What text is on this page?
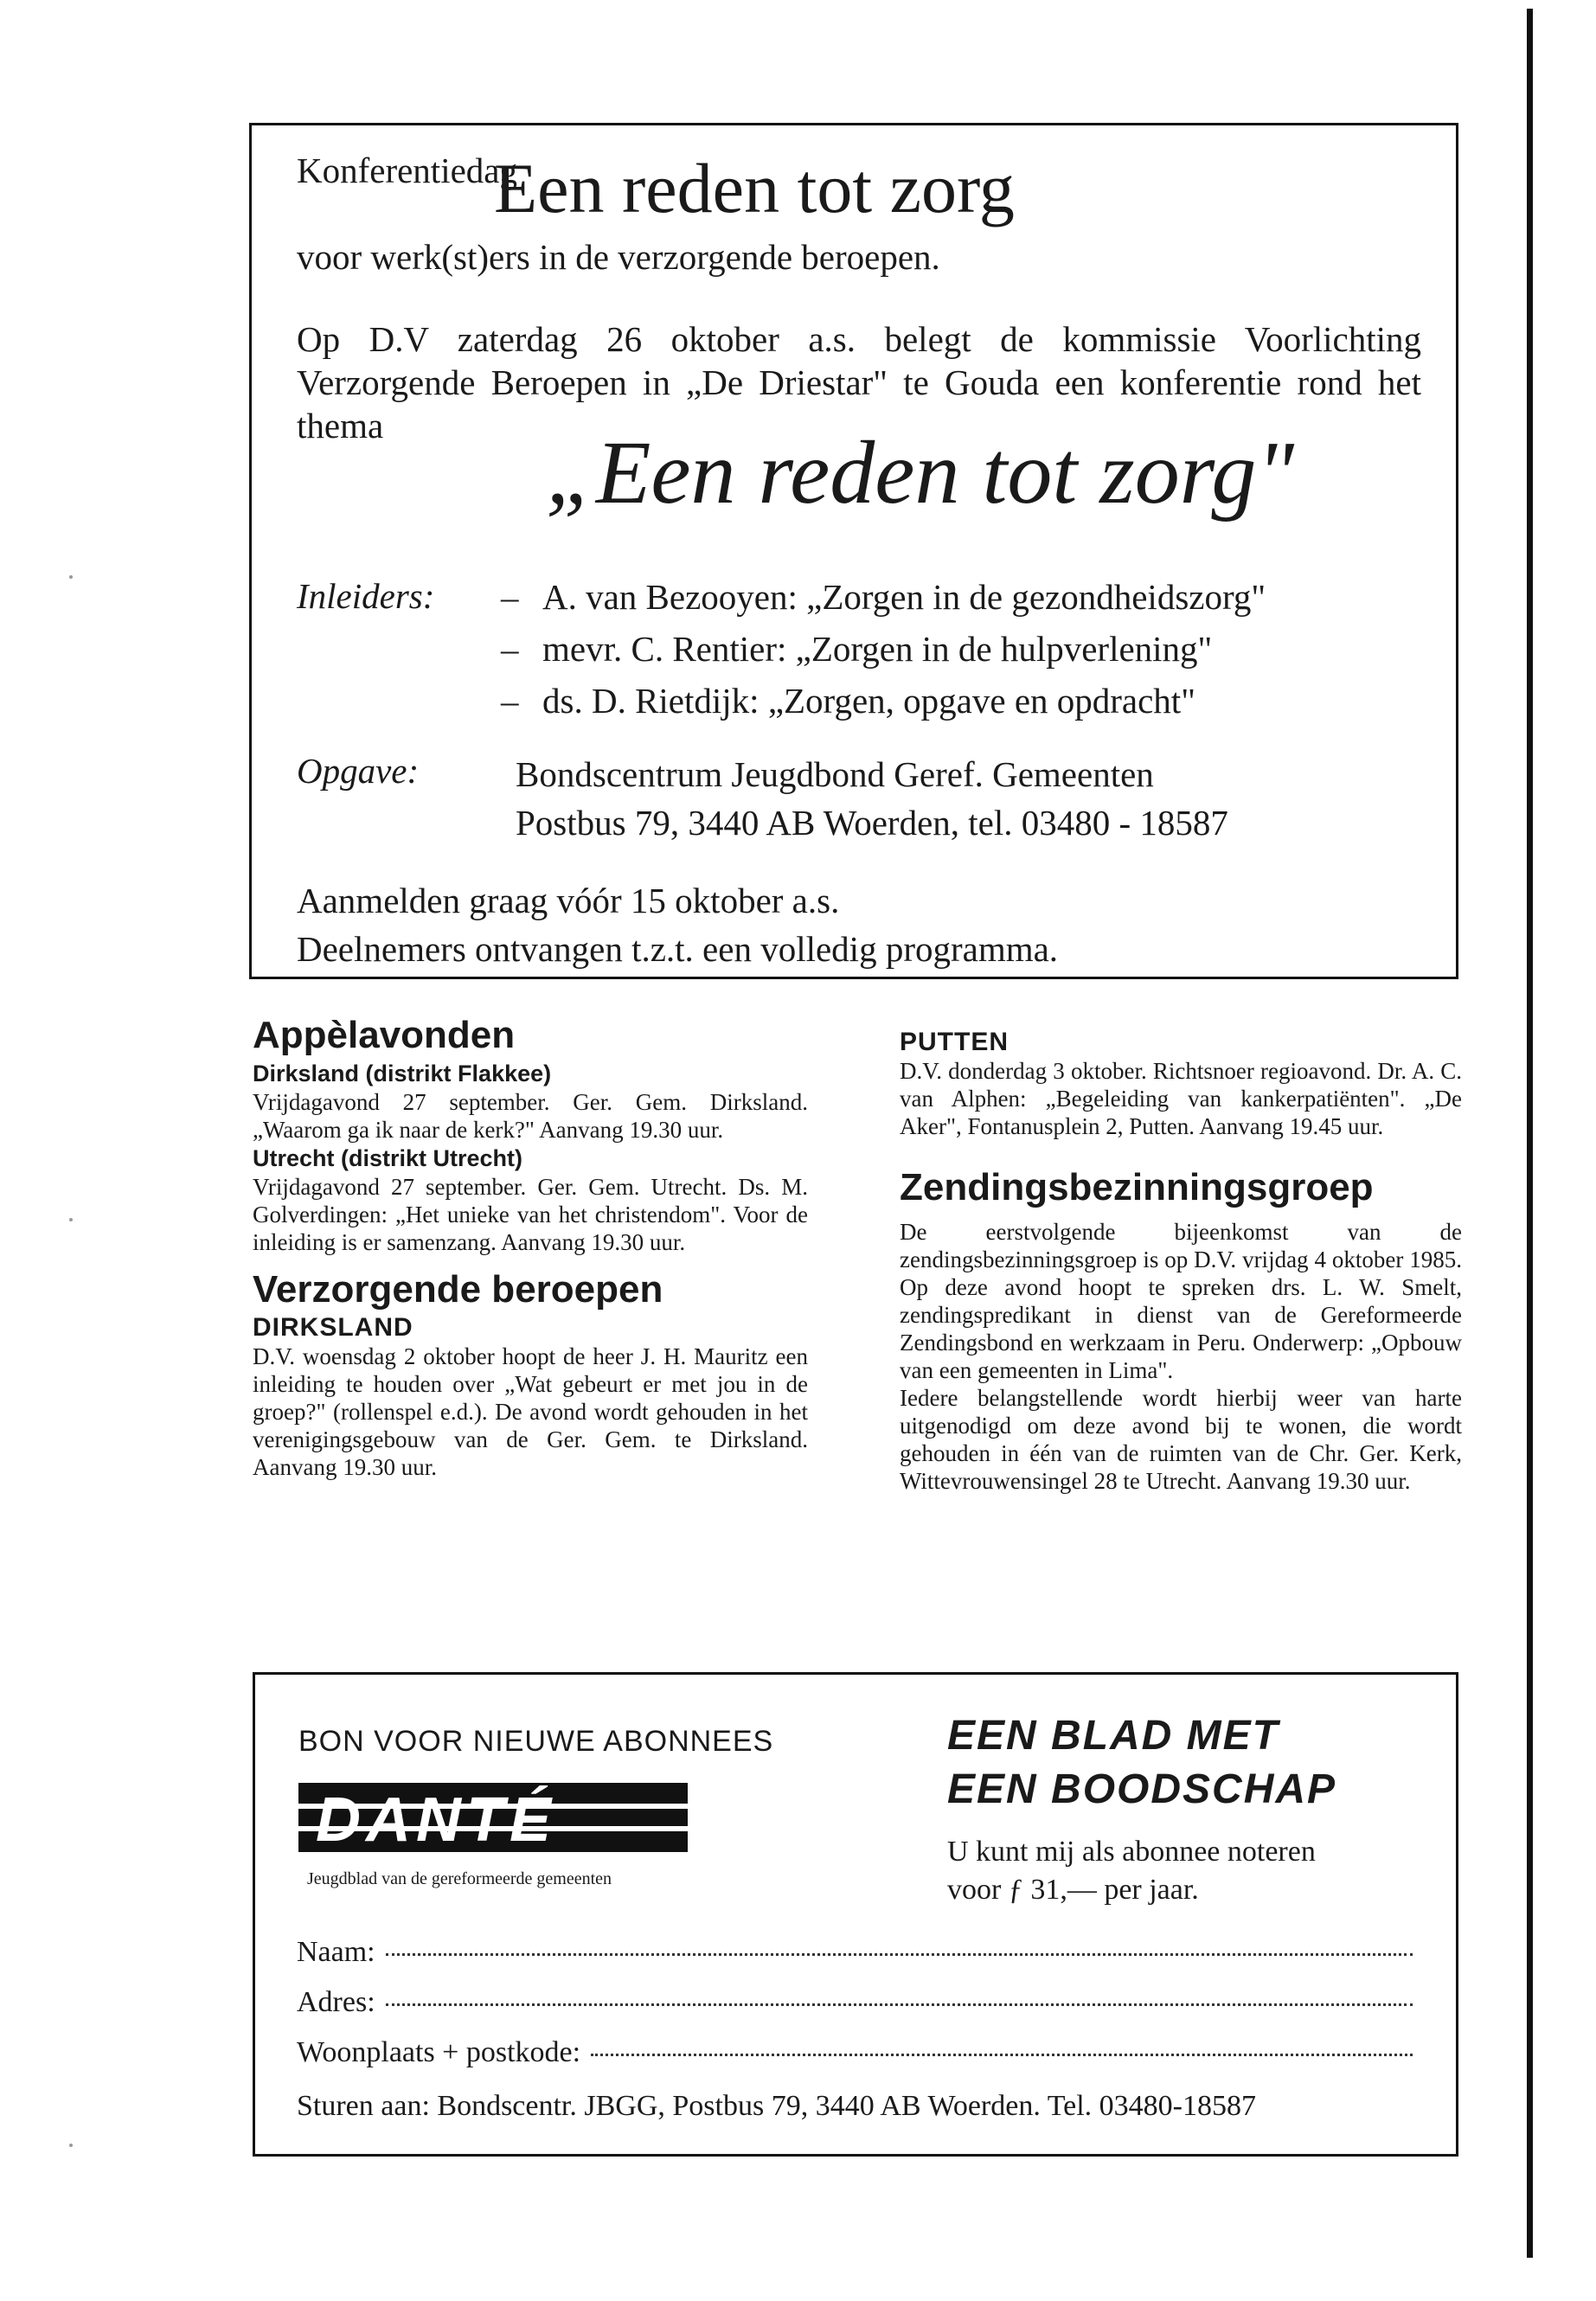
Konferentiedag
Een reden tot zorg
voor werk(st)ers in de verzorgende beroepen.
Op D.V zaterdag 26 oktober a.s. belegt de kommissie Voorlichting Verzorgende Beroepen in „De Driestar" te Gouda een konferentie rond het thema	„Een reden tot zorg"
Inleiders:
–	A. van Bezooyen: „Zorgen in de gezondheidszorg"
– mevr. C. Rentier: „Zorgen in de hulpverlening"
– ds. D. Rietdijk: „Zorgen, opgave en opdracht"
Opgave:	Bondscentrum Jeugdbond Geref. Gemeenten
Postbus 79, 3440 AB Woerden, tel. 03480 - 18587
Aanmelden graag vóór 15 oktober a.s.
Deelnemers ontvangen t.z.t. een volledig programma.
Appèlavonden
Dirksland (distrikt Flakkee)

Vrijdagavond 27 september. Ger. Gem. Dirksland. „Waarom ga ik naar de kerk?" Aanvang 19.30 uur.

Utrecht (distrikt Utrecht)

Vrijdagavond 27 september. Ger. Gem. Utrecht. Ds. M. Golverdingen: „Het unieke van het christendom". Voor de inleiding is er samenzang. Aanvang 19.30 uur.

Verzorgende beroepen
DIRKSLAND

D.V. woensdag 2 oktober hoopt de heer J. H. Mauritz een inleiding te houden over „Wat gebeurt er met jou in de groep?" (rollenspel e.d.). De avond wordt gehouden in het verenigingsgebouw van de Ger. Gem. te Dirksland. Aanvang 19.30 uur.

PUTTEN

D.V. donderdag 3 oktober. Richtsnoer regioavond. Dr. A. C. van Alphen: „Begeleiding van kankerpatiënten". „De Aker", Fontanusplein 2, Putten. Aanvang 19.45 uur.

Zendingsbezinningsgroep

De eerstvolgende bijeenkomst van de zendingsbezinningsgroep is op D.V. vrijdag 4 oktober 1985. Op deze avond hoopt te spreken drs. L. W. Smelt, zendingspredikant in dienst van de Gereformeerde Zendingsbond en werkzaam in Peru. Onderwerp: „Opbouw van een gemeenten in Lima".

Iedere belangstellende wordt hierbij weer van harte uitgenodigd om deze avond bij te wonen, die wordt gehouden in één van de ruimten van de Chr. Ger. Kerk, Wittevrouwensingel 28 te Utrecht. Aanvang 19.30 uur.

BON VOOR NIEUWE ABONNEES
DANTÉ
Jeugdblad van de gereformeerde gemeenten
EEN BLAD MET
EEN BOODSCHAP
U kunt mij als abonnee noteren
voor ƒ 31,— per jaar.
Naam:
Adres:
Woonplaats + postkode:
Sturen aan: Bondscentr. JBGG, Postbus 79, 3440 AB Woerden. Tel. 03480-18587
